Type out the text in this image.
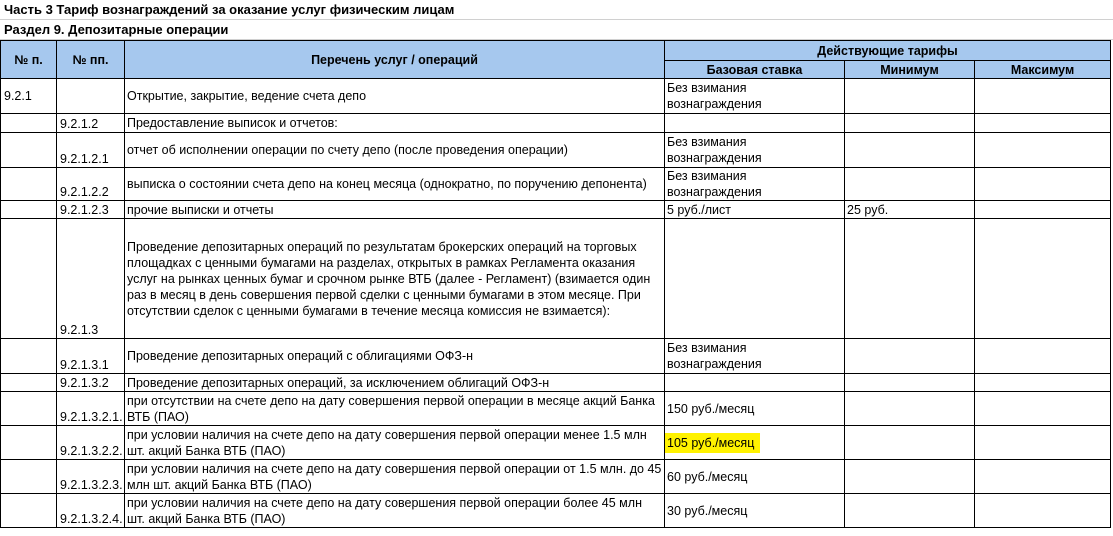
Часть 3 Тариф вознаграждений за оказание услуг физическим лицам
Раздел 9. Депозитарные операции
№ п.	№ пп.	Перечень услуг / операций	Действующие тарифы		
			Базовая ставка	Минимум	Максимум
9.2.1		Открытие, закрытие, ведение счета депо	Без взимания вознаграждения		
	9.2.1.2	Предоставление выписок и отчетов:			
	9.2.1.2.1	отчет об исполнении операции по счету депо (после проведения операции)	Без взимания вознаграждения		
	9.2.1.2.2	выписка о состоянии счета депо на конец месяца (однократно, по поручению депонента)	Без взимания вознаграждения		
	9.2.1.2.3	прочие выписки и отчеты	5 руб./лист	25 руб.	
	9.2.1.3	Проведение депозитарных операций по результатам брокерских операций на торговых площадках с ценными бумагами на разделах, открытых в рамках Регламента оказания услуг на рынках ценных бумаг и срочном рынке ВТБ (далее - Регламент) (взимается один раз в месяц в день совершения первой сделки с ценными бумагами в этом месяце. При отсутствии сделок с ценными бумагами в течение месяца комиссия не взимается):			
	9.2.1.3.1	Проведение депозитарных операций с облигациями ОФЗ-н	Без взимания вознаграждения		
	9.2.1.3.2	Проведение депозитарных операций, за исключением облигаций ОФЗ-н			
	9.2.1.3.2.1.	при отсутствии на счете депо на дату совершения первой операции в месяце акций Банка ВТБ (ПАО)	150 руб./месяц		
	9.2.1.3.2.2.	при условии наличия на счете депо на дату совершения первой операции менее 1.5 млн шт. акций Банка ВТБ (ПАО)	105 руб./месяц		
	9.2.1.3.2.3.	при условии наличия на счете депо на дату совершения первой операции от 1.5 млн. до 45 млн шт. акций Банка ВТБ (ПАО)	60 руб./месяц		
	9.2.1.3.2.4.	при условии наличия на счете депо на дату совершения первой операции более 45 млн шт. акций Банка ВТБ (ПАО)	30 руб./месяц		
